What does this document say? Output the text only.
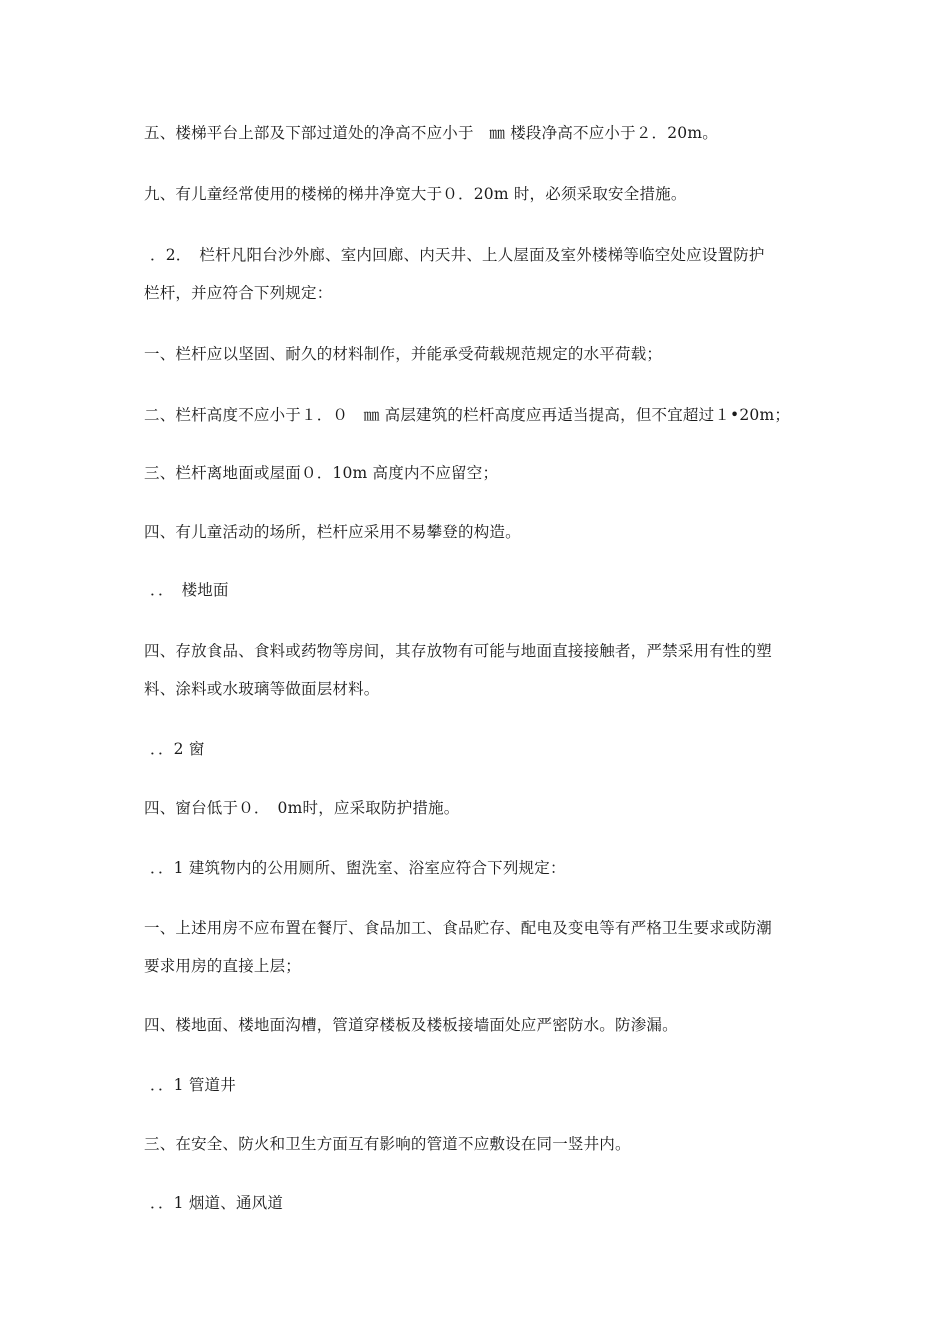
五、楼梯平台上部及下部过道处的净高不应小于　㎜ 楼段净高不应小于２．20m。
九、有儿童经常使用的楼梯的梯井净宽大于０．20m 时，必须采取安全措施。
．2．　栏杆凡阳台沙外廊、室内回廊、内天井、上人屋面及室外楼梯等临空处应设置防护
栏杆，并应符合下列规定：
一、栏杆应以坚固、耐久的材料制作，并能承受荷载规范规定的水平荷载；
二、栏杆高度不应小于１．０　㎜ 高层建筑的栏杆高度应再适当提高，但不宜超过１•20m；
三、栏杆离地面或屋面０．10m 高度内不应留空；
四、有儿童活动的场所，栏杆应采用不易攀登的构造。
．．　楼地面
四、存放食品、食料或药物等房间，其存放物有可能与地面直接接触者，严禁采用有性的塑
料、涂料或水玻璃等做面层材料。
．．2 窗
四、窗台低于０．　0m时，应采取防护措施。
．．1 建筑物内的公用厕所、盥洗室、浴室应符合下列规定：
一、上述用房不应布置在餐厅、食品加工、食品贮存、配电及变电等有严格卫生要求或防潮
要求用房的直接上层；
四、楼地面、楼地面沟槽，管道穿楼板及楼板接墙面处应严密防水。防渗漏。
．．1 管道井
三、在安全、防火和卫生方面互有影响的管道不应敷设在同一竖井内。
．．1 烟道、通风道
